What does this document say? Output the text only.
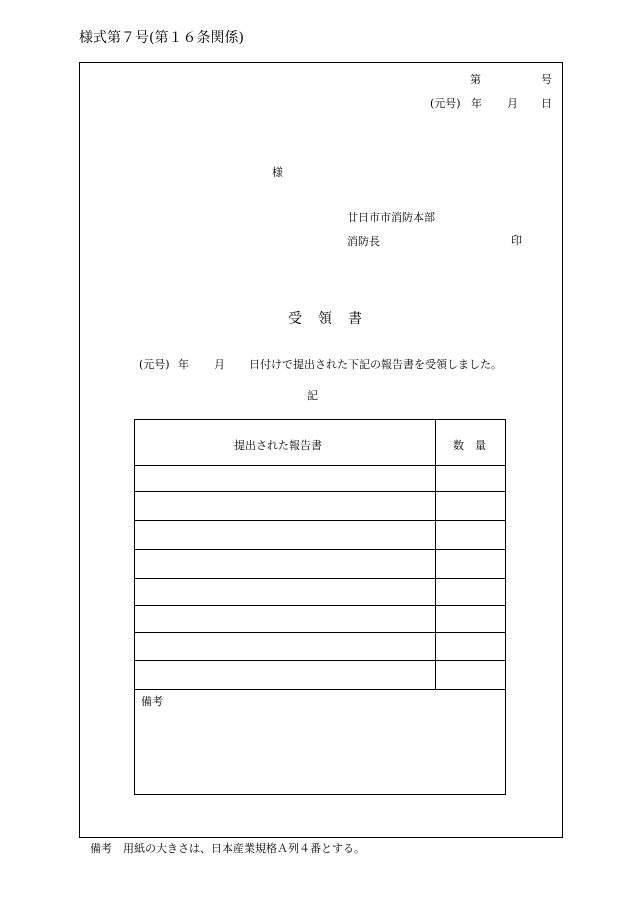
様式第７号(第１６条関係)
第	号
(元号) 年 月 日
様
廿日市市消防本部
消防長	印
受領書
(元号) 年 月 日付けで提出された下記の報告書を受領しました。
記
提出された報告書	数　量
備考
備考　用紙の大きさは、日本産業規格Ａ列４番とする。
